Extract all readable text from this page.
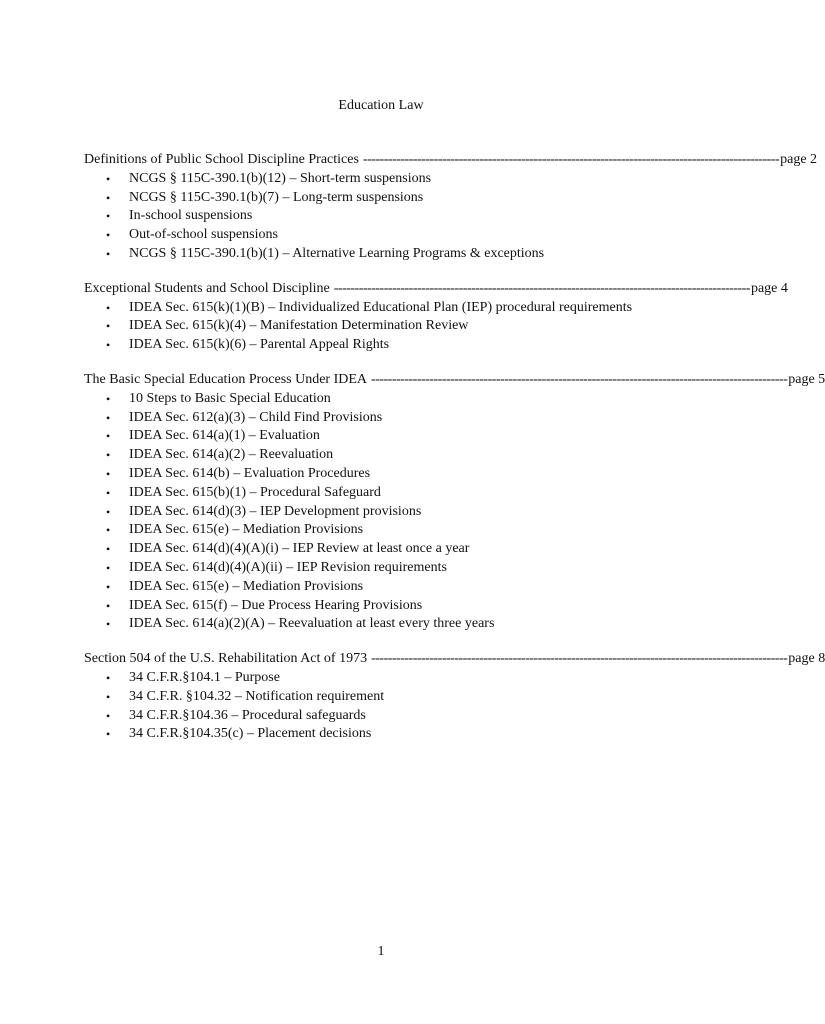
Education Law
Definitions of Public School Discipline Practices ---------------------------------------------------------------------------------------------------- page 2
• NCGS § 115C-390.1(b)(12) – Short-term suspensions
• NCGS § 115C-390.1(b)(7) – Long-term suspensions
• In-school suspensions
• Out-of-school suspensions
• NCGS § 115C-390.1(b)(1) – Alternative Learning Programs & exceptions
Exceptional Students and School Discipline ---------------------------------------------------------------------------------------------------- page 4
• IDEA Sec. 615(k)(1)(B) – Individualized Educational Plan (IEP) procedural requirements
• IDEA Sec. 615(k)(4) – Manifestation Determination Review
• IDEA Sec. 615(k)(6) – Parental Appeal Rights
The Basic Special Education Process Under IDEA ---------------------------------------------------------------------------------------------------- page 5
• 10 Steps to Basic Special Education
• IDEA Sec. 612(a)(3) – Child Find Provisions
• IDEA Sec. 614(a)(1) – Evaluation
• IDEA Sec. 614(a)(2) – Reevaluation
• IDEA Sec. 614(b) – Evaluation Procedures
• IDEA Sec. 615(b)(1) – Procedural Safeguard
• IDEA Sec. 614(d)(3) – IEP Development provisions
• IDEA Sec. 615(e) – Mediation Provisions
• IDEA Sec. 614(d)(4)(A)(i) – IEP Review at least once a year
• IDEA Sec. 614(d)(4)(A)(ii) – IEP Revision requirements
• IDEA Sec. 615(e) – Mediation Provisions
• IDEA Sec. 615(f) – Due Process Hearing Provisions
• IDEA Sec. 614(a)(2)(A) – Reevaluation at least every three years
Section 504 of the U.S. Rehabilitation Act of 1973 ---------------------------------------------------------------------------------------------------- page 8
• 34 C.F.R.§104.1 – Purpose
• 34 C.F.R. §104.32 – Notification requirement
• 34 C.F.R.§104.36 – Procedural safeguards
• 34 C.F.R.§104.35(c) – Placement decisions
1
